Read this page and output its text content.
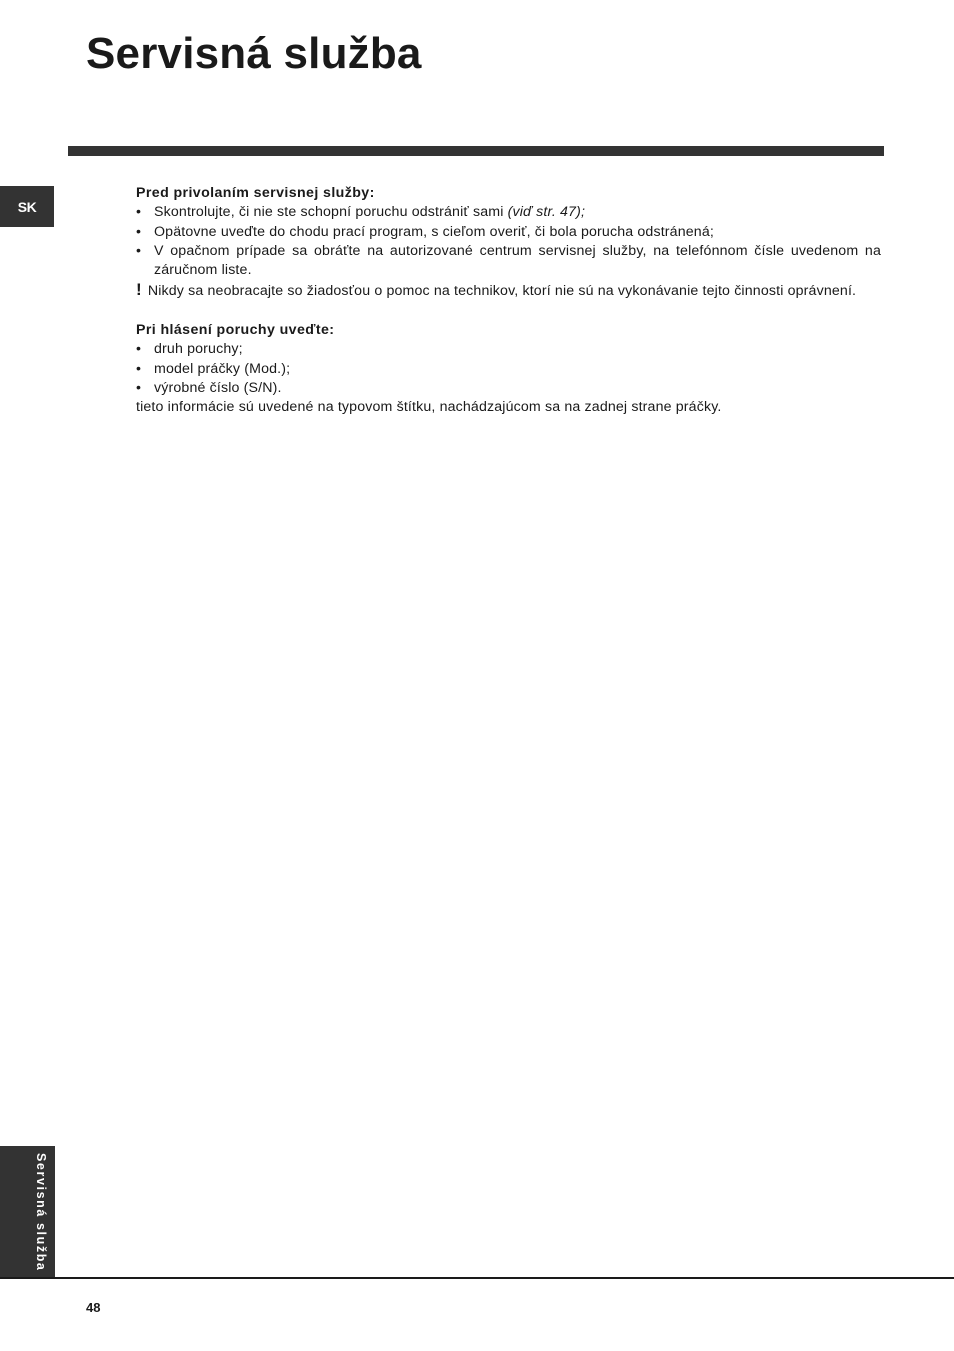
Servisná služba
SK

Pred privolaním servisnej služby:

• Skontrolujte, či nie ste schopní poruchu odstrániť sami (viď str. 47);
• Opätovne uveďte do chodu prací program, s cieľom overiť, či bola porucha odstránená;
• V opačnom prípade sa obráťte na autorizované centrum servisnej služby, na telefónnom čísle uvedenom na záručnom liste.

! Nikdy sa neobracajte so žiadosťou o pomoc na technikov, ktorí nie sú na vykonávanie tejto činnosti oprávnení.

Pri hlásení poruchy uveďte:

• druh poruchy;
• model práčky (Mod.);
• výrobné číslo (S/N).

tieto informácie sú uvedené na typovom štítku, nachádzajúcom sa na zadnej strane práčky.

Servisná služba
48
